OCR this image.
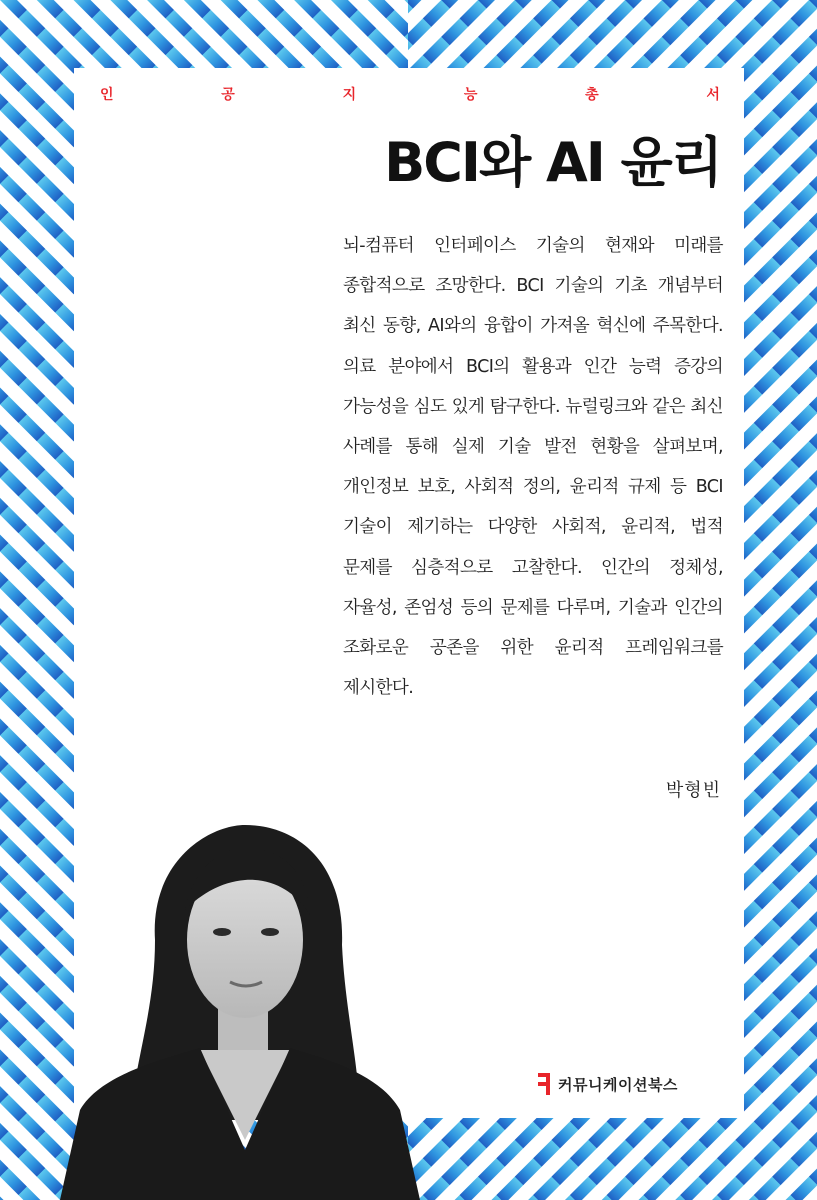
인	공	지	능	총	서
BCI와 AI 윤리
뇌-컴퓨터 인터페이스 기술의 현재와 미래를 종합적으로 조망한다. BCI 기술의 기초 개념부터 최신 동향, AI와의 융합이 가져올 혁신에 주목한다. 의료 분야에서 BCI의 활용과 인간 능력 증강의 가능성을 심도 있게 탐구한다. 뉴럴링크와 같은 최신 사례를 통해 실제 기술 발전 현황을 살펴보며, 개인정보 보호, 사회적 정의, 윤리적 규제 등 BCI 기술이 제기하는 다양한 사회적, 윤리적, 법적 문제를 심층적으로 고찰한다. 인간의 정체성, 자율성, 존엄성 등의 문제를 다루며, 기술과 인간의 조화로운 공존을 위한 윤리적 프레임워크를 제시한다.
박형빈
커뮤니케이션북스
